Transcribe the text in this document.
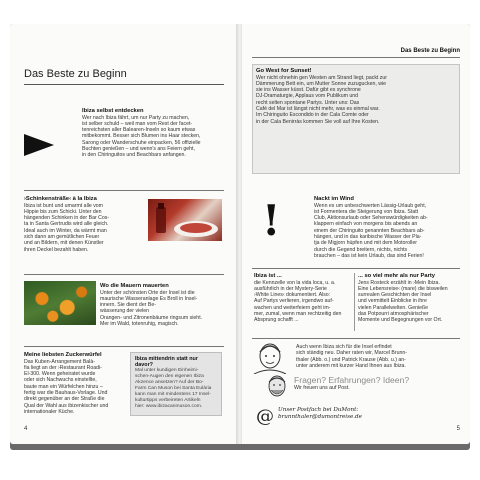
Das Beste zu Beginn
Ibiza selbst entdecken
Wer nach Ibiza fährt, um nur Party zu machen,
ist selber schuld – weil man vom Rest der facet-
tenreichsten aller Balearen-Inseln so kaum etwas
mitbekommt. Besser sich Blumen ins Haar stecken,
Sarong oder Wanderschuhe einpacken, 56 offizielle
Buchten genießen – und wenn's ans Feiern geht,
in den Chiringuitos und Beachbars anfangen.
›Schinkensträße‹ à la Ibiza
Ibiza ist bunt und umarmt alle vom
Hippie bis zum Schicki. Unter den
hängenden Schinken in der Bar Cos-
ta in Santa Gertrudis wird alle gleich.
Ideal auch im Winter, da wärmt man
sich dann am gemütlichen Feuer
und an Bildern, mit denen Künstler
ihren Deckel bezahlt haben.
Wo die Mauern mauerten
Unter der schönsten Orte der Insel ist die
maurische Wasseranlage Es Broll in Insel-
innern. Sie dient der Be-
wässerung der vielen
Orangen- und Zitronenbäume ringsum sieht.
Mer im Wald, totenruhig, magisch.
Meine liebsten Zuckerwürfel
Das Kuben-Arrangement Balà-
fia liegt an der ›Restaurant Roadi-
El-300. Wenn geheiratet wurde
oder sich Nachwuchs einstellte,
baute man ein Würfelchen hinzu –
fertig war die Bauhaus-Vorlage. Und
direkt gegenüber an der Straße die
Qual der Wahl aus ibizenkischer und
internationaler Küche.
Ibiza mittendrin statt nur davor?
Mal unter kundigen Einheimi-
schen-Augen den eigenen Ibiza
Akzence ansetzen? Auf der Bo-
Farm Can Muson bei Santa Eulària
kann man mit mindestens 17 Insel-
kulturtipps verbeireten Artikeln
hier: www.ibizacanmuson.com.
4
Das Beste zu Beginn
Go West for Sunset!
Wer nicht ohnehin gen Westen am Strand liegt, packt zur
Dämmerung Bett ein, um Mutter Sonne zuzugucken, wie
sie ins Wasser küsst. Dafür gibt es synchrone
DJ-Dramaturgie, Applaus vom Publikum und
recht selten spontane Partys. Unter uns: Das
Café del Mar ist längst nicht mehr, was es einmal war.
Im Chiringuito Escondido in der Cala Comte oder
in der Cala Benirràs kommen Sie voll auf Ihre Kosten.
!	Nackt im Wind
Wenn es um unbeschwerten Lässig-Urlaub geht,
ist Formentera die Steigerung von Ibiza. Statt
Club, Aktionsurlaub oder Sehenswürdigkeiten ab-
klappern einfach von morgens bis abends an
einem der Chiringuito genannten Beachbars ab-
hängen, und in das karibische Wasser der Pla-
tja de Migjorn hüpfen und mit dem Motoroller
durch die Gegend breitern, nichts, nichts
brauchen – das ist kein Urlaub, das sind Ferien!
Ibiza ist ...
die Kennzelle von la vida loca, u. a.
ausführlich in der Mystery-Serie
›White Lines‹ dokumentiert. Also:
Auf Partys verlieren, irgendwo auf-
wachen und weiterfeiern geht im-
mer, zumal, wenn man rechtzeitig den
Absprung schafft ...
... so viel mehr als nur Party
Jens Rosteck erzählt in ›Mein Ibiza.
Eine Lebensreise‹ (mare) die bisweilen
surrealen Geschichten der Insel
und vermittelt Einblicke in ihre
vielen Parallelwelten. Genieße
das Potpourri atmosphärischer
Momente und Begegnungen vor Ort.
Auch wenn Ibiza sich für die Insel erfindet
sich ständig neu. Daher raten wir, Marcel Brunn-
thaler (Abb. o.) und Patrick Krause (Abb. u.) an-
unter anderem mit kurzer Hand Ihnen aus Ibiza.
Fragen? Erfahrungen? Ideen?
Wir freuen uns auf Post.
@ Unser Postfach bei DuMont:
brunnthaler@dumontreise.de
5
